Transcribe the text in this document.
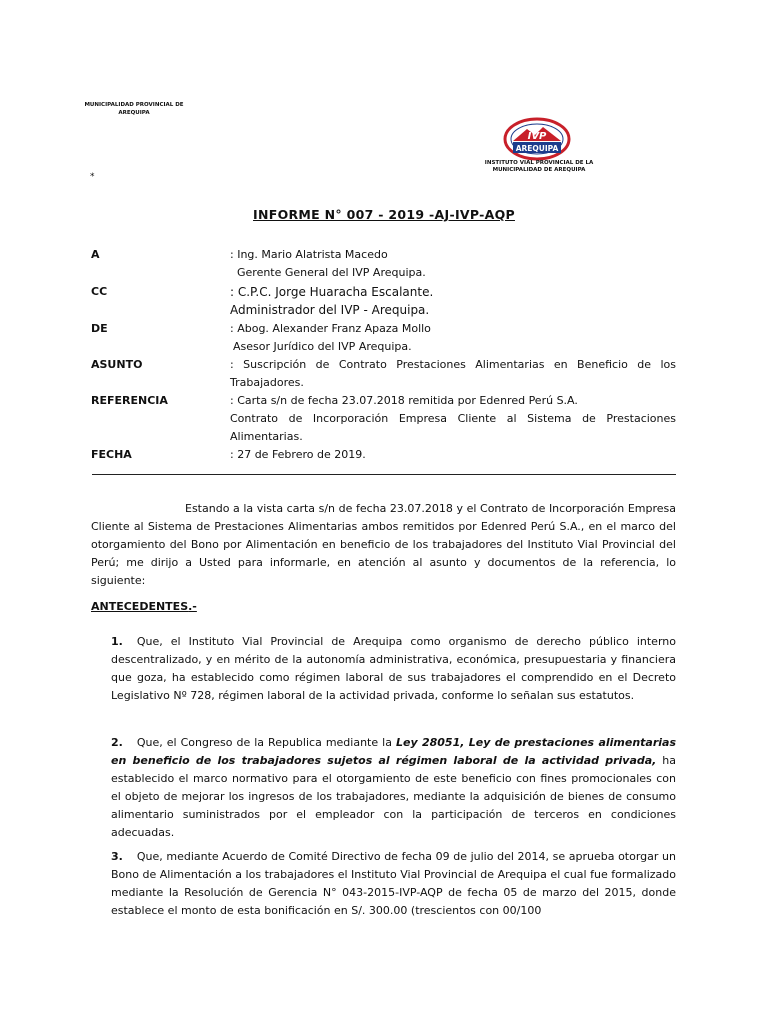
MUNICIPALIDAD PROVINCIAL DE AREQUIPA
*
IVP
AREQUIPA
INSTITUTO VIAL PROVINCIAL DE LA MUNICIPALIDAD DE AREQUIPA
INFORME N° 007 - 2019 -AJ-IVP-AQP
A	: Ing. Mario Alatrista Macedo
Gerente General del IVP Arequipa.
CC	: C.P.C. Jorge Huaracha Escalante.
Administrador del IVP - Arequipa.
DE	: Abog. Alexander Franz Apaza Mollo
Asesor Jurídico del IVP Arequipa.
ASUNTO	: Suscripción de Contrato Prestaciones Alimentarias en Beneficio de los
Trabajadores.
REFERENCIA	: Carta s/n de fecha 23.07.2018 remitida por Edenred Perú S.A.
Contrato de Incorporación Empresa Cliente al Sistema de Prestaciones
Alimentarias.
FECHA	: 27 de Febrero de 2019.
Estando a la vista carta s/n de fecha 23.07.2018 y el Contrato de Incorporación Empresa Cliente al Sistema de Prestaciones Alimentarias ambos remitidos por Edenred Perú S.A., en el marco del otorgamiento del Bono por Alimentación en beneficio de los trabajadores del Instituto Vial Provincial del Perú; me dirijo a Usted para informarle, en atención al asunto y documentos de la referencia, lo siguiente:
ANTECEDENTES.-
1. Que, el Instituto Vial Provincial de Arequipa como organismo de derecho público interno descentralizado, y en mérito de la autonomía administrativa, económica, presupuestaria y financiera que goza, ha establecido como régimen laboral de sus trabajadores el comprendido en el Decreto Legislativo Nº 728, régimen laboral de la actividad privada, conforme lo señalan sus estatutos.
2. Que, el Congreso de la Republica mediante la Ley 28051, Ley de prestaciones alimentarias en beneficio de los trabajadores sujetos al régimen laboral de la actividad privada, ha establecido el marco normativo para el otorgamiento de este beneficio con fines promocionales con el objeto de mejorar los ingresos de los trabajadores, mediante la adquisición de bienes de consumo alimentario suministrados por el empleador con la participación de terceros en condiciones adecuadas.
3. Que, mediante Acuerdo de Comité Directivo de fecha 09 de julio del 2014, se aprueba otorgar un Bono de Alimentación a los trabajadores el Instituto Vial Provincial de Arequipa el cual fue formalizado mediante la Resolución de Gerencia N° 043-2015-IVP-AQP de fecha 05 de marzo del 2015, donde establece el monto de esta bonificación en S/. 300.00 (trescientos con 00/100
